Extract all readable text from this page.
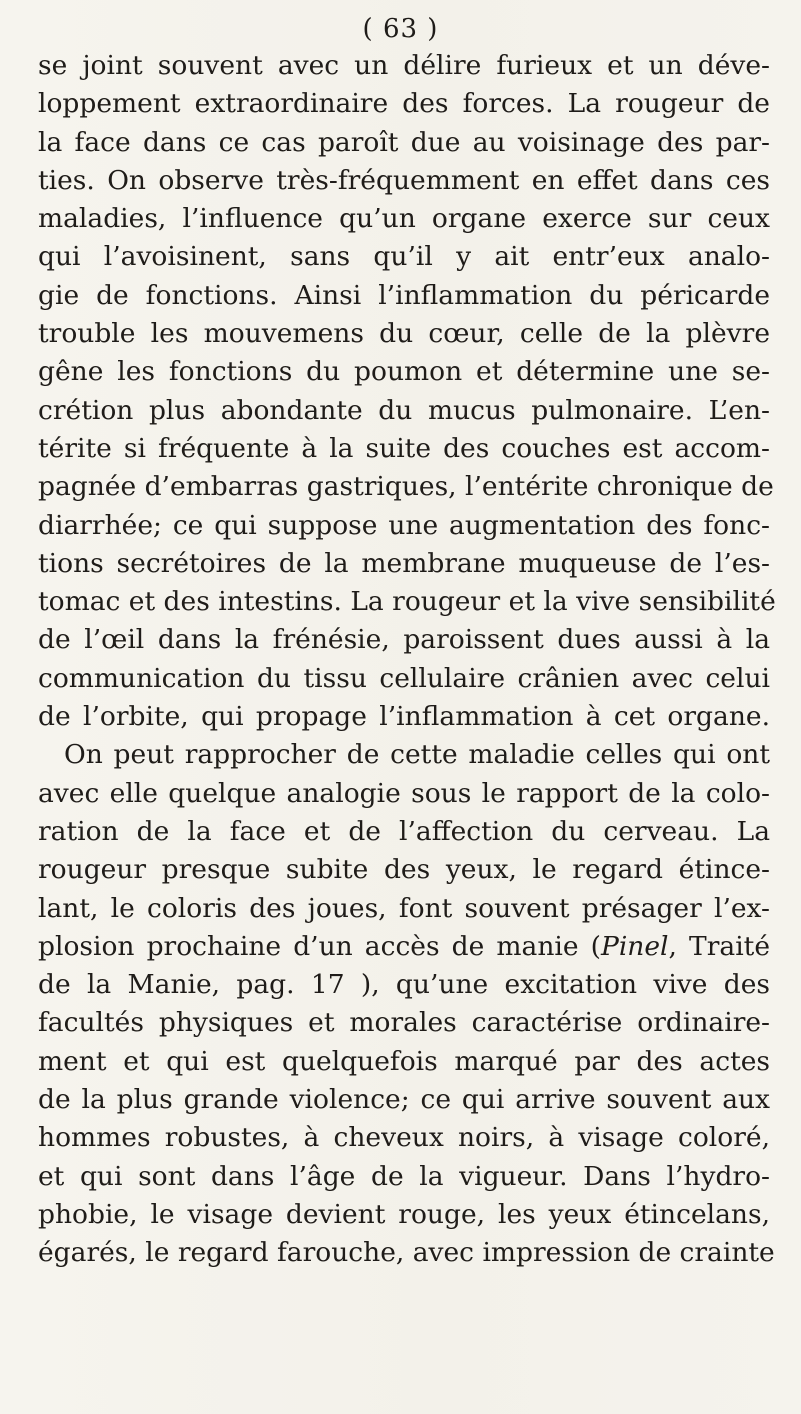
( 63 )
se joint souvent avec un délire furieux et un déve-
loppement extraordinaire des forces. La rougeur de
la face dans ce cas paroît due au voisinage des par-
ties. On observe très-fréquemment en effet dans ces
maladies, l’influence qu’un organe exerce sur ceux
qui l’avoisinent, sans qu’il y ait entr’eux analo-
gie de fonctions. Ainsi l’inflammation du péricarde
trouble les mouvemens du cœur, celle de la plèvre
gêne les fonctions du poumon et détermine une se-
crétion plus abondante du mucus pulmonaire. L’en-
térite si fréquente à la suite des couches est accom-
pagnée d’embarras gastriques, l’entérite chronique de
diarrhée; ce qui suppose une augmentation des fonc-
tions secrétoires de la membrane muqueuse de l’es-
tomac et des intestins. La rougeur et la vive sensibilité
de l’œil dans la frénésie, paroissent dues aussi à la
communication du tissu cellulaire crânien avec celui
de l’orbite, qui propage l’inflammation à cet organe.
On peut rapprocher de cette maladie celles qui ont
avec elle quelque analogie sous le rapport de la colo-
ration de la face et de l’affection du cerveau. La
rougeur presque subite des yeux, le regard étince-
lant, le coloris des joues, font souvent présager l’ex-
plosion prochaine d’un accès de manie (Pinel, Traité
de la Manie, pag. 17 ), qu’une excitation vive des
facultés physiques et morales caractérise ordinaire-
ment et qui est quelquefois marqué par des actes
de la plus grande violence; ce qui arrive souvent aux
hommes robustes, à cheveux noirs, à visage coloré,
et qui sont dans l’âge de la vigueur. Dans l’hydro-
phobie, le visage devient rouge, les yeux étincelans,
égarés, le regard farouche, avec impression de crainte
